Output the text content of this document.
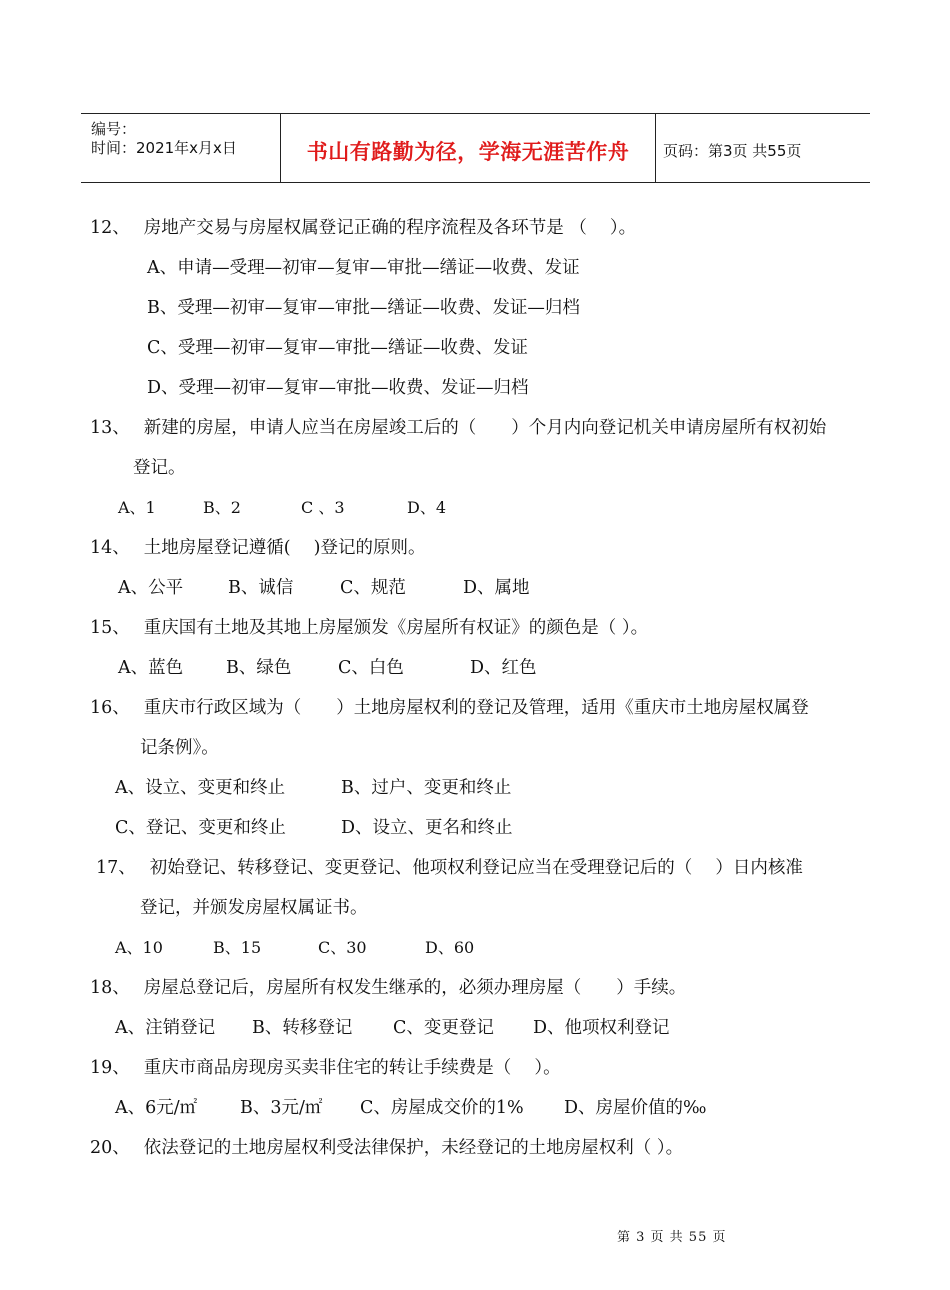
编号：
时间：2021年x月x日	书山有路勤为径，学海无涯苦作舟	页码：第3页 共55页
12、 房地产交易与房屋权属登记正确的程序流程及各环节是 （　 ）。
A、申请—受理—初审—复审—审批—缮证—收费、发证
B、受理—初审—复审—审批—缮证—收费、发证—归档
C、受理—初审—复审—审批—缮证—收费、发证
D、受理—初审—复审—审批—收费、发证—归档
13、 新建的房屋，申请人应当在房屋竣工后的（　　）个月内向登记机关申请房屋所有权初始
登记。
A、1	B、2	C 、3	D、4
14、 土地房屋登记遵循(　 )登记的原则。
A、公平	B、诚信	C、规范	D、属地
15、 重庆国有土地及其地上房屋颁发《房屋所有权证》的颜色是（ ）。
A、蓝色 B、绿色	C、白色	D、红色
16、 重庆市行政区域为（　　）土地房屋权利的登记及管理，适用《重庆市土地房屋权属登
记条例》。
A、设立、变更和终止	B、过户、变更和终止
C、登记、变更和终止	D、设立、更名和终止
17、 初始登记、转移登记、变更登记、他项权利登记应当在受理登记后的（　 ）日内核准
登记，并颁发房屋权属证书。
A、10	B、15	C、30	D、60
18、 房屋总登记后，房屋所有权发生继承的，必须办理房屋（　　）手续。
A、注销登记 B、转移登记 C、变更登记 D、他项权利登记
19、 重庆市商品房现房买卖非住宅的转让手续费是（　 ）。
A、6元/㎡ B、3元/㎡ C、房屋成交价的1% D、房屋价值的‰
20、 依法登记的土地房屋权利受法律保护，未经登记的土地房屋权利（ ）。
第 3 页 共 55 页
